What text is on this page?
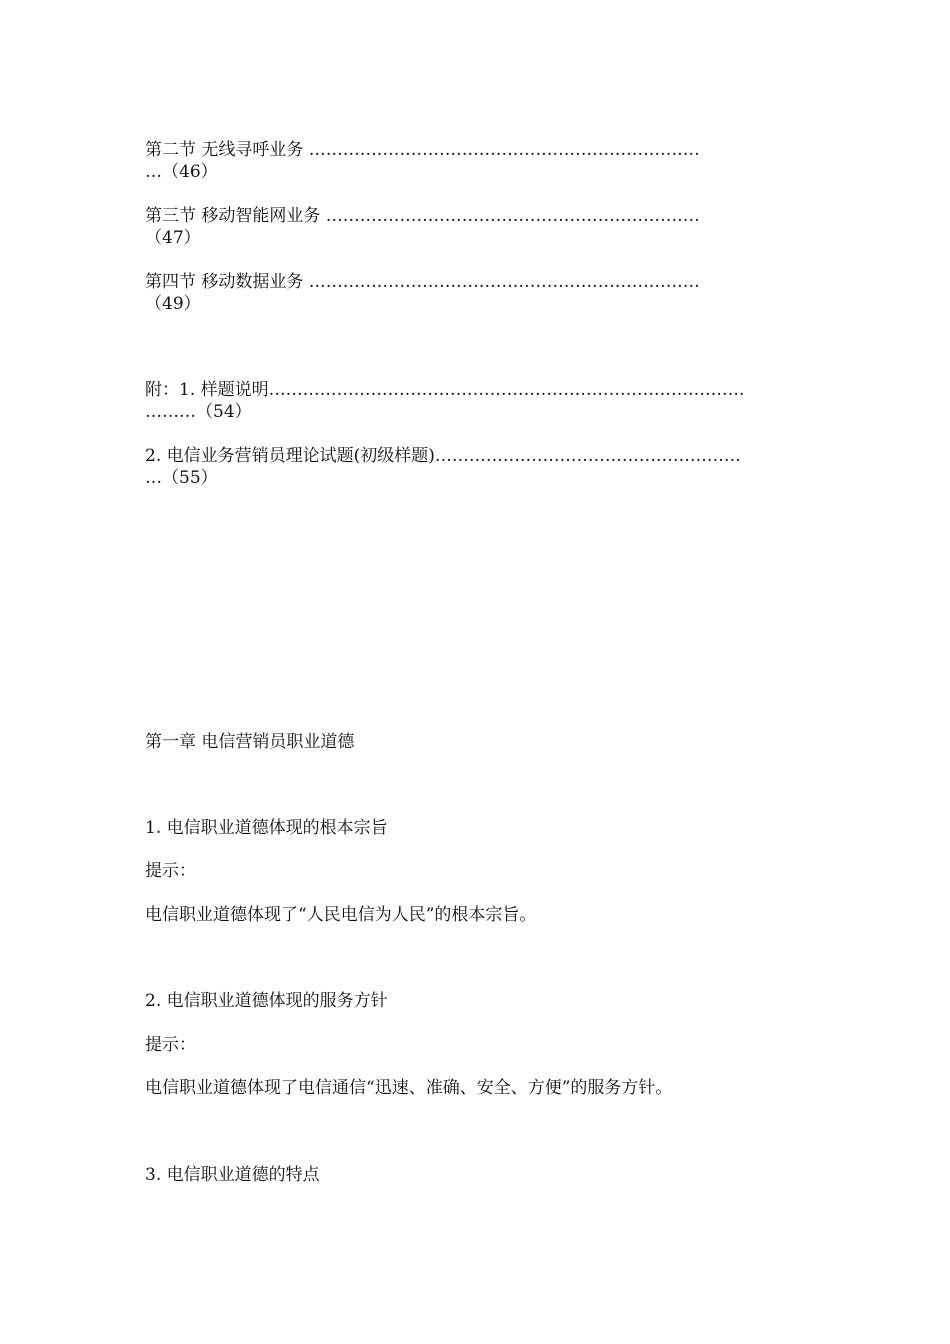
第二节 无线寻呼业务 ……………………………………………………………

…（46）

第三节 移动智能网业务 …………………………………………………………

（47）

第四节 移动数据业务 ……………………………………………………………

（49）

附：1. 样题说明…………………………………………………………………………

………（54）

2. 电信业务营销员理论试题(初级样题)………………………………………………

…（55）

第一章 电信营销员职业道德

1. 电信职业道德体现的根本宗旨

提示：

电信职业道德体现了“人民电信为人民”的根本宗旨。

2. 电信职业道德体现的服务方针

提示：

电信职业道德体现了电信通信“迅速、准确、安全、方便”的服务方针。

3. 电信职业道德的特点
